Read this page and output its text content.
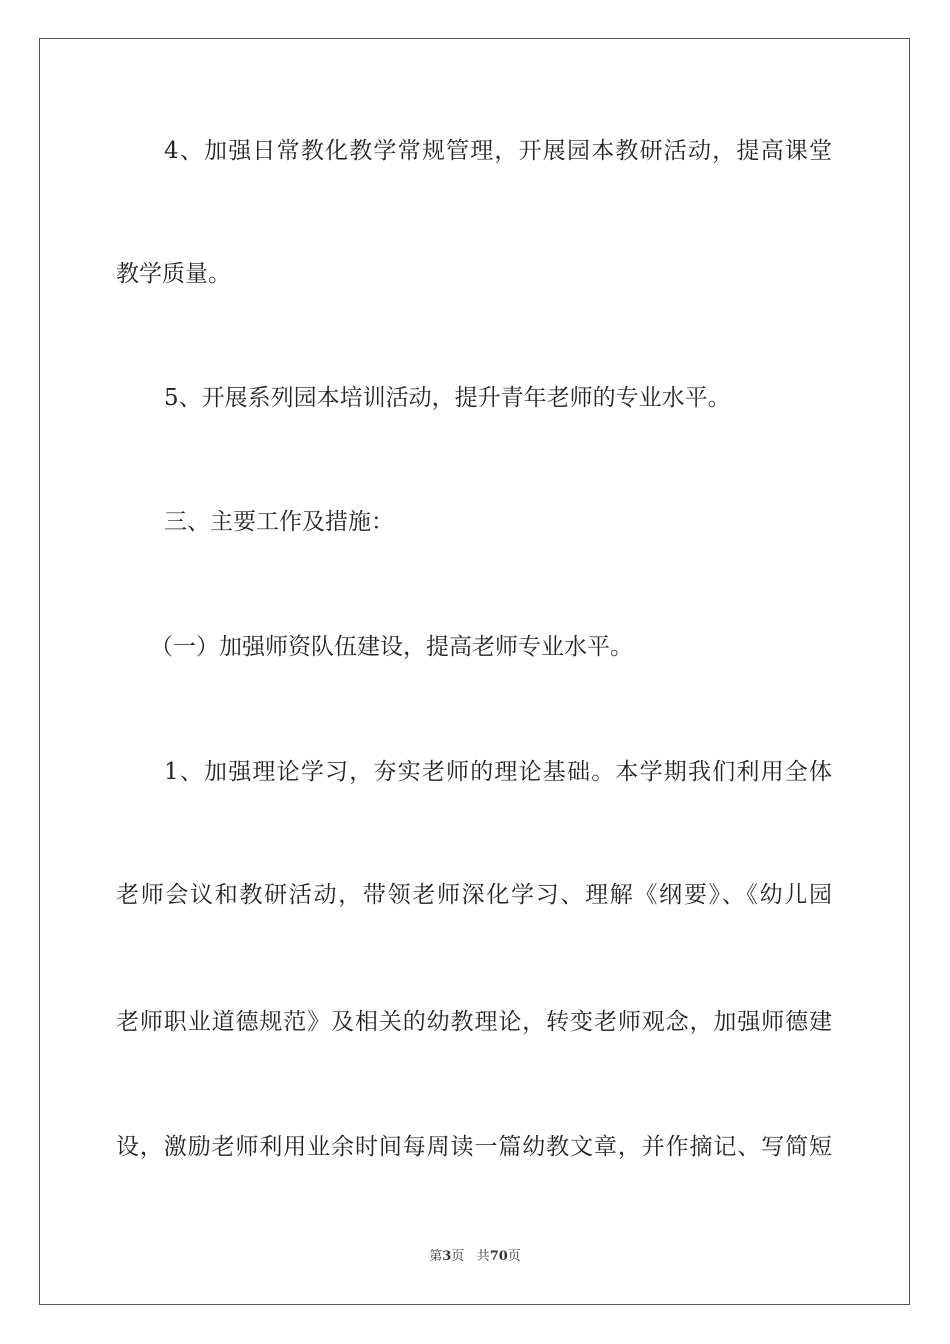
4、加强日常教化教学常规管理，开展园本教研活动，提高课堂
教学质量。
5、开展系列园本培训活动，提升青年老师的专业水平。
三、主要工作及措施：
（一）加强师资队伍建设，提高老师专业水平。
1、加强理论学习，夯实老师的理论基础。本学期我们利用全体
老师会议和教研活动，带领老师深化学习、理解《纲要》、《幼儿园
老师职业道德规范》及相关的幼教理论，转变老师观念，加强师德建
设，激励老师利用业余时间每周读一篇幼教文章，并作摘记、写简短
第3页 共70页
